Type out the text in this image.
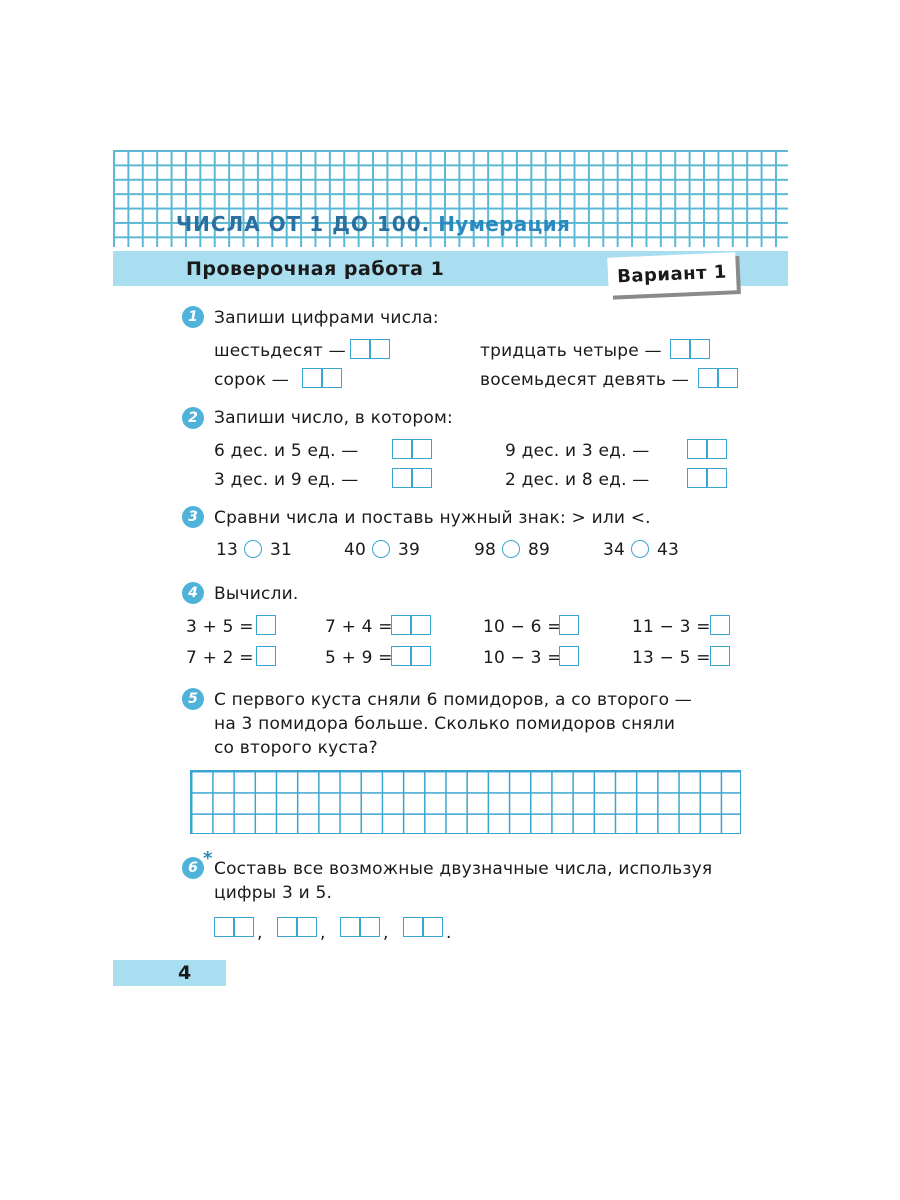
ЧИСЛА ОТ 1 ДО 100. Нумерация
Проверочная работа 1	Вариант 1
1 Запиши цифрами числа:
шестьдесят —	тридцать четыре —
сорок —	восемьдесят девять —
2 Запиши число, в котором:
6 дес. и 5 ед. —	9 дес. и 3 ед. —
3 дес. и 9 ед. —	2 дес. и 8 ед. —
3 Сравни числа и поставь нужный знак: > или <.
13 31	40 39	98 89	34 43
4 Вычисли.
3 + 5 =	7 + 4 =	10 − 6 =	11 − 3 =
7 + 2 =	5 + 9 =	10 − 3 =	13 − 5 =
5 С первого куста сняли 6 помидоров, а со второго —
на 3 помидора больше. Сколько помидоров сняли
со второго куста?
6 * Составь все возможные двузначные числа, используя
цифры 3 и 5.
,	,	,	.
4
